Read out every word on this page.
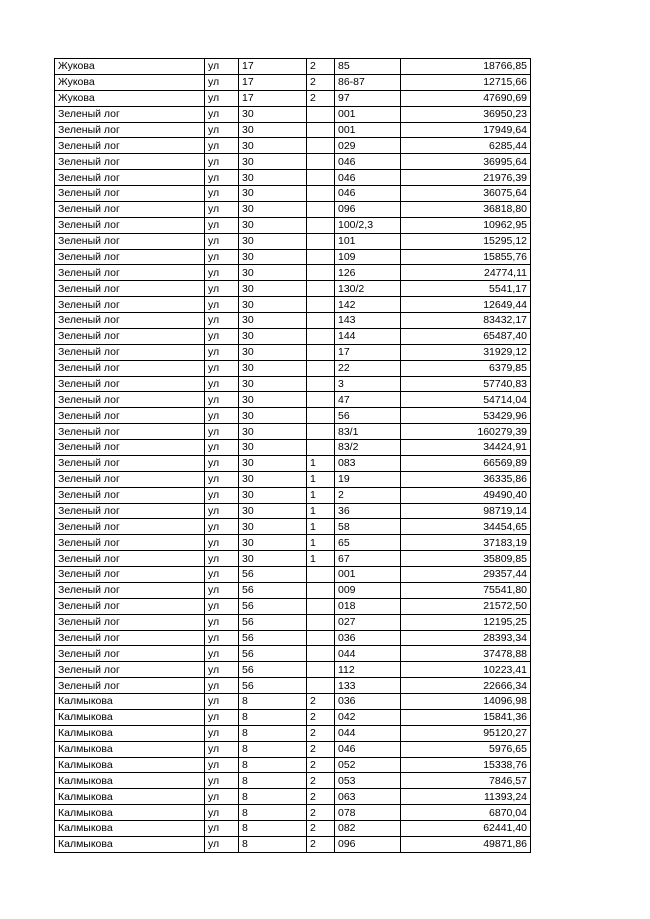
Жукова	ул	17	2	85	18766,85
Жукова	ул	17	2	86-87	12715,66
Жукова	ул	17	2	97	47690,69
Зеленый лог	ул	30		001	36950,23
Зеленый лог	ул	30		001	17949,64
Зеленый лог	ул	30		029	6285,44
Зеленый лог	ул	30		046	36995,64
Зеленый лог	ул	30		046	21976,39
Зеленый лог	ул	30		046	36075,64
Зеленый лог	ул	30		096	36818,80
Зеленый лог	ул	30		100/2,3	10962,95
Зеленый лог	ул	30		101	15295,12
Зеленый лог	ул	30		109	15855,76
Зеленый лог	ул	30		126	24774,11
Зеленый лог	ул	30		130/2	5541,17
Зеленый лог	ул	30		142	12649,44
Зеленый лог	ул	30		143	83432,17
Зеленый лог	ул	30		144	65487,40
Зеленый лог	ул	30		17	31929,12
Зеленый лог	ул	30		22	6379,85
Зеленый лог	ул	30		3	57740,83
Зеленый лог	ул	30		47	54714,04
Зеленый лог	ул	30		56	53429,96
Зеленый лог	ул	30		83/1	160279,39
Зеленый лог	ул	30		83/2	34424,91
Зеленый лог	ул	30	1	083	66569,89
Зеленый лог	ул	30	1	19	36335,86
Зеленый лог	ул	30	1	2	49490,40
Зеленый лог	ул	30	1	36	98719,14
Зеленый лог	ул	30	1	58	34454,65
Зеленый лог	ул	30	1	65	37183,19
Зеленый лог	ул	30	1	67	35809,85
Зеленый лог	ул	56		001	29357,44
Зеленый лог	ул	56		009	75541,80
Зеленый лог	ул	56		018	21572,50
Зеленый лог	ул	56		027	12195,25
Зеленый лог	ул	56		036	28393,34
Зеленый лог	ул	56		044	37478,88
Зеленый лог	ул	56		112	10223,41
Зеленый лог	ул	56		133	22666,34
Калмыкова	ул	8	2	036	14096,98
Калмыкова	ул	8	2	042	15841,36
Калмыкова	ул	8	2	044	95120,27
Калмыкова	ул	8	2	046	5976,65
Калмыкова	ул	8	2	052	15338,76
Калмыкова	ул	8	2	053	7846,57
Калмыкова	ул	8	2	063	11393,24
Калмыкова	ул	8	2	078	6870,04
Калмыкова	ул	8	2	082	62441,40
Калмыкова	ул	8	2	096	49871,86
